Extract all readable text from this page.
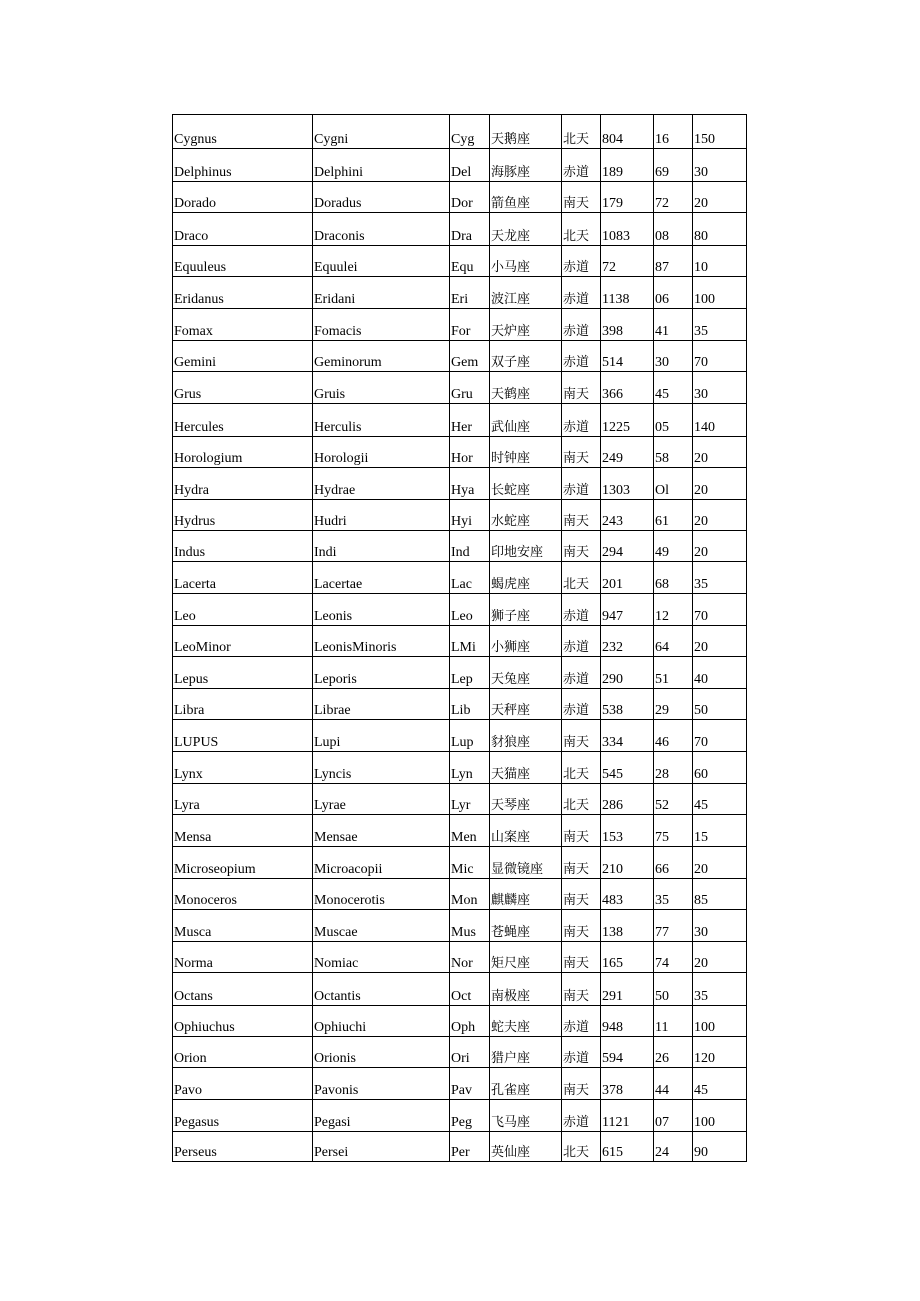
Cygnus	Cygni	Cyg	天鹅座	北天	804	16	150
Delphinus	Delphini	Del	海豚座	赤道	189	69	30
Dorado	Doradus	Dor	箭鱼座	南天	179	72	20
Draco	Draconis	Dra	天龙座	北天	1083	08	80
Equuleus	Equulei	Equ	小马座	赤道	72	87	10
Eridanus	Eridani	Eri	波江座	赤道	1138	06	100
Fomax	Fomacis	For	天炉座	赤道	398	41	35
Gemini	Geminorum	Gem	双子座	赤道	514	30	70
Grus	Gruis	Gru	天鹤座	南天	366	45	30
Hercules	Herculis	Her	武仙座	赤道	1225	05	140
Horologium	Horologii	Hor	时钟座	南天	249	58	20
Hydra	Hydrae	Hya	长蛇座	赤道	1303	Ol	20
Hydrus	Hudri	Hyi	水蛇座	南天	243	61	20
Indus	Indi	Ind	印地安座	南天	294	49	20
Lacerta	Lacertae	Lac	蝎虎座	北天	201	68	35
Leo	Leonis	Leo	狮子座	赤道	947	12	70
LeoMinor	LeonisMinoris	LMi	小狮座	赤道	232	64	20
Lepus	Leporis	Lep	天兔座	赤道	290	51	40
Libra	Librae	Lib	天秤座	赤道	538	29	50
LUPUS	Lupi	Lup	豺狼座	南天	334	46	70
Lynx	Lyncis	Lyn	天猫座	北天	545	28	60
Lyra	Lyrae	Lyr	天琴座	北天	286	52	45
Mensa	Mensae	Men	山案座	南天	153	75	15
Microseopium	Microacopii	Mic	显微镜座	南天	210	66	20
Monoceros	Monocerotis	Mon	麒麟座	南天	483	35	85
Musca	Muscae	Mus	苍蝇座	南天	138	77	30
Norma	Nomiac	Nor	矩尺座	南天	165	74	20
Octans	Octantis	Oct	南极座	南天	291	50	35
Ophiuchus	Ophiuchi	Oph	蛇夫座	赤道	948	11	100
Orion	Orionis	Ori	猎户座	赤道	594	26	120
Pavo	Pavonis	Pav	孔雀座	南天	378	44	45
Pegasus	Pegasi	Peg	飞马座	赤道	1121	07	100
Perseus	Persei	Per	英仙座	北天	615	24	90
